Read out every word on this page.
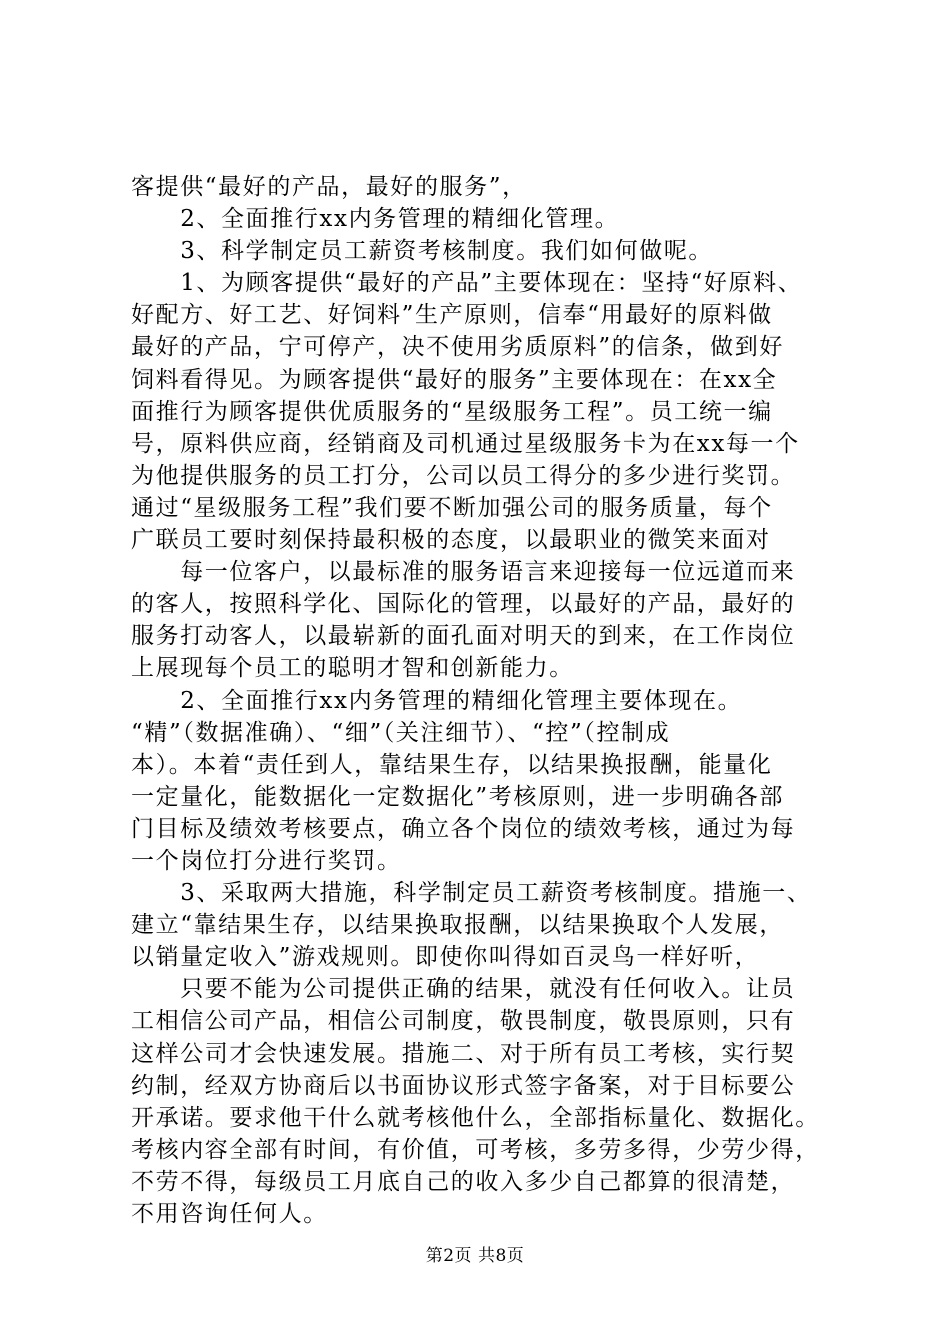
客提供“最好的产品，最好的服务”，
　　2、全面推行xx内务管理的精细化管理。
　　3、科学制定员工薪资考核制度。我们如何做呢。
　　1、为顾客提供“最好的产品”主要体现在：坚持“好原料、
好配方、好工艺、好饲料”生产原则，信奉“用最好的原料做
最好的产品，宁可停产，决不使用劣质原料”的信条，做到好
饲料看得见。为顾客提供“最好的服务”主要体现在：在xx全
面推行为顾客提供优质服务的“星级服务工程”。员工统一编
号，原料供应商，经销商及司机通过星级服务卡为在xx每一个
为他提供服务的员工打分，公司以员工得分的多少进行奖罚。
通过“星级服务工程”我们要不断加强公司的服务质量，每个
广联员工要时刻保持最积极的态度，以最职业的微笑来面对
　　每一位客户，以最标准的服务语言来迎接每一位远道而来
的客人，按照科学化、国际化的管理，以最好的产品，最好的
服务打动客人，以最崭新的面孔面对明天的到来，在工作岗位
上展现每个员工的聪明才智和创新能力。
　　2、全面推行xx内务管理的精细化管理主要体现在。
“精”（数据准确）、“细”（关注细节）、“控”（控制成
本）。本着“责任到人，靠结果生存，以结果换报酬，能量化
一定量化，能数据化一定数据化”考核原则，进一步明确各部
门目标及绩效考核要点，确立各个岗位的绩效考核，通过为每
一个岗位打分进行奖罚。
　　3、采取两大措施，科学制定员工薪资考核制度。措施一、
建立“靠结果生存，以结果换取报酬，以结果换取个人发展，
以销量定收入”游戏规则。即使你叫得如百灵鸟一样好听，
　　只要不能为公司提供正确的结果，就没有任何收入。让员
工相信公司产品，相信公司制度，敬畏制度，敬畏原则，只有
这样公司才会快速发展。措施二、对于所有员工考核，实行契
约制，经双方协商后以书面协议形式签字备案，对于目标要公
开承诺。要求他干什么就考核他什么，全部指标量化、数据化。
考核内容全部有时间，有价值，可考核，多劳多得，少劳少得，
不劳不得，每级员工月底自己的收入多少自己都算的很清楚，
不用咨询任何人。
第2页 共8页
